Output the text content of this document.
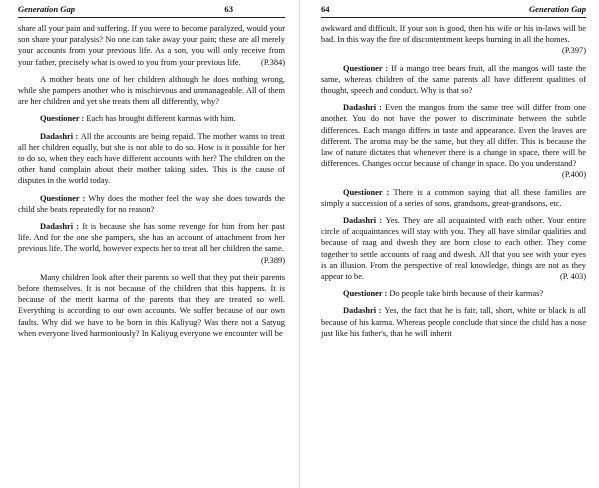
Generation Gap	63
share all your pain and suffering. If you were to become paralyzed, would your son share your paralysis? No one can take away your pain; these are all merely your accounts from your previous life. As a son, you will only receive from your father, precisely what is owed to you from your previous life. (P.384)
A mother beats one of her children although he does nothing wrong, while she pampers another who is mischievous and unmanageable. All of them are her children and yet she treats them all differently, why?
Questioner : Each has brought different karmas with him.
Dadashri : All the accounts are being repaid. The mother wants to treat all her children equally, but she is not able to do so. How is it possible for her to do so, when they each have different accounts with her? The children on the other hand complain about their mother taking sides. This is the cause of disputes in the world today.
Questioner : Why does the mother feel the way she does towards the child she beats repeatedly for no reason?
Dadashri : It is because she has some revenge for him from her past life. And for the one she pampers, she has an account of attachment from her previous life. The world, however expects her to treat all her children the same.
(P.389)
Many children look after their parents so well that they put their parents before themselves. It is not because of the children that this happens. It is because of the merit karma of the parents that they are treated so well. Everything is according to our own accounts. We suffer because of our own faults. Why did we have to be born in this Kaliyug? Was there not a Satyug when everyone lived harmoniously? In Kaliyug everyone we encounter will be
64	Generation Gap
awkward and difficult. If your son is good, then his wife or his in-laws will be bad. In this way the fire of discontentment keeps burning in all the homes.
(P.397)
Questioner : If a mango tree bears fruit, all the mangos will taste the same, whereas children of the same parents all have different qualities of thought, speech and conduct. Why is that so?
Dadashri : Even the mangos from the same tree will differ from one another. You do not have the power to discriminate between the subtle differences. Each mango differs in taste and appearance. Even the leaves are different. The aroma may be the same, but they all differ. This is because the law of nature dictates that whenever there is a change in space, there will be differences. Changes occur because of change in space. Do you understand?
(P.400)
Questioner : There is a common saying that all these families are simply a succession of a series of sons, grandsons, great-grandsons, etc.
Dadashri : Yes. They are all acquainted with each other. Your entire circle of acquaintances will stay with you. They all have similar qualities and because of raag and dwesh they are born close to each other. They come together to settle accounts of raag and dwesh. All that you see with your eyes is an illusion. From the perspective of real knowledge, things are not as they appear to be.	(P. 403)
Questioner : Do people take birth because of their karmas?
Dadashri : Yes, the fact that he is fair, tall, short, white or black is all because of his karma. Whereas people conclude that since the child has a nose just like his father's, that he will inherit
